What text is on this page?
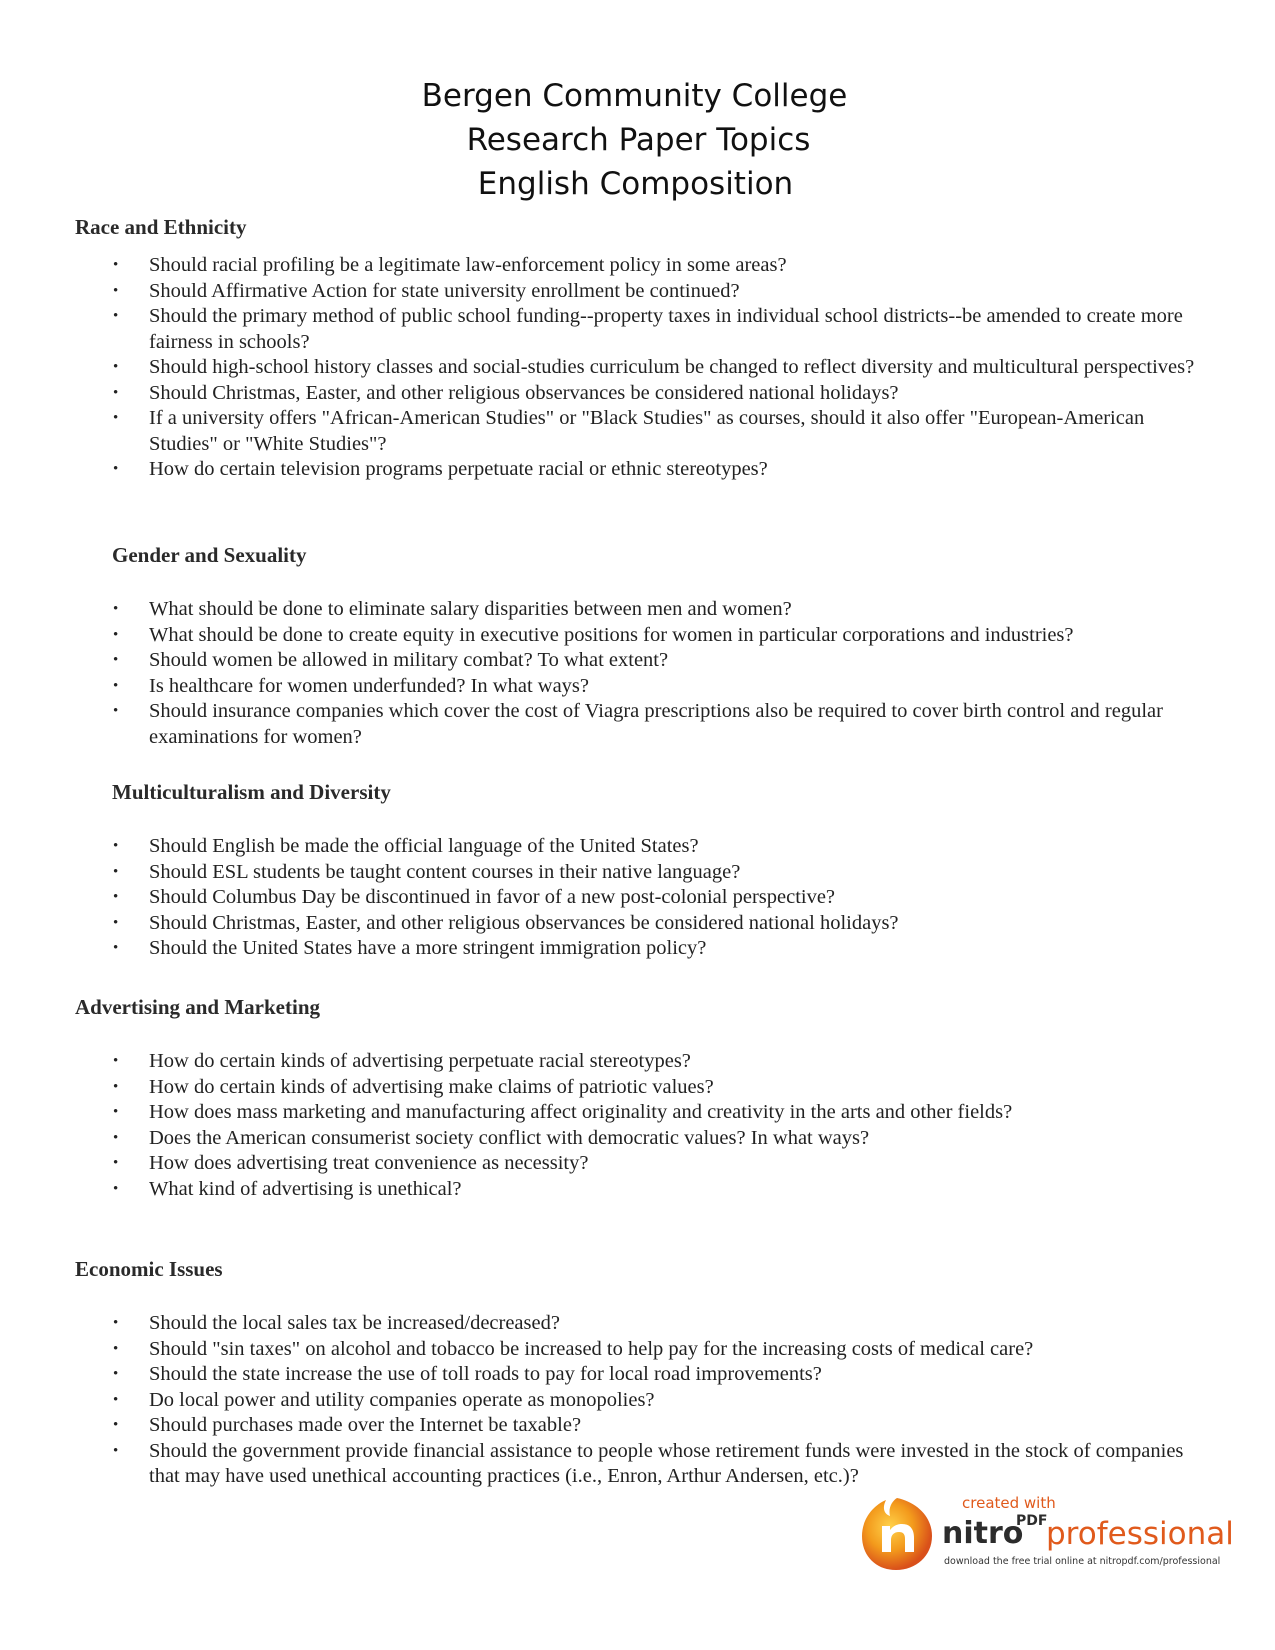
Bergen Community College
Research Paper Topics
English Composition
Race and Ethnicity
• Should racial profiling be a legitimate law-enforcement policy in some areas?
• Should Affirmative Action for state university enrollment be continued?
• Should the primary method of public school funding--property taxes in individual school districts--be amended to create more fairness in schools?
• Should high-school history classes and social-studies curriculum be changed to reflect diversity and multicultural perspectives?
• Should Christmas, Easter, and other religious observances be considered national holidays?
• If a university offers "African-American Studies" or "Black Studies" as courses, should it also offer "European-American Studies" or "White Studies"?
• How do certain television programs perpetuate racial or ethnic stereotypes?
Gender and Sexuality
• What should be done to eliminate salary disparities between men and women?
• What should be done to create equity in executive positions for women in particular corporations and industries?
• Should women be allowed in military combat? To what extent?
• Is healthcare for women underfunded? In what ways?
• Should insurance companies which cover the cost of Viagra prescriptions also be required to cover birth control and regular examinations for women?
Multiculturalism and Diversity
• Should English be made the official language of the United States?
• Should ESL students be taught content courses in their native language?
• Should Columbus Day be discontinued in favor of a new post-colonial perspective?
• Should Christmas, Easter, and other religious observances be considered national holidays?
• Should the United States have a more stringent immigration policy?
Advertising and Marketing
• How do certain kinds of advertising perpetuate racial stereotypes?
• How do certain kinds of advertising make claims of patriotic values?
• How does mass marketing and manufacturing affect originality and creativity in the arts and other fields?
• Does the American consumerist society conflict with democratic values? In what ways?
• How does advertising treat convenience as necessity?
• What kind of advertising is unethical?
Economic Issues
• Should the local sales tax be increased/decreased?
• Should "sin taxes" on alcohol and tobacco be increased to help pay for the increasing costs of medical care?
• Should the state increase the use of toll roads to pay for local road improvements?
• Do local power and utility companies operate as monopolies?
• Should purchases made over the Internet be taxable?
• Should the government provide financial assistance to people whose retirement funds were invested in the stock of companies that may have used unethical accounting practices (i.e., Enron, Arthur Andersen, etc.)?
created with
nitro
PDF
professional
download the free trial online at nitropdf.com/professional
